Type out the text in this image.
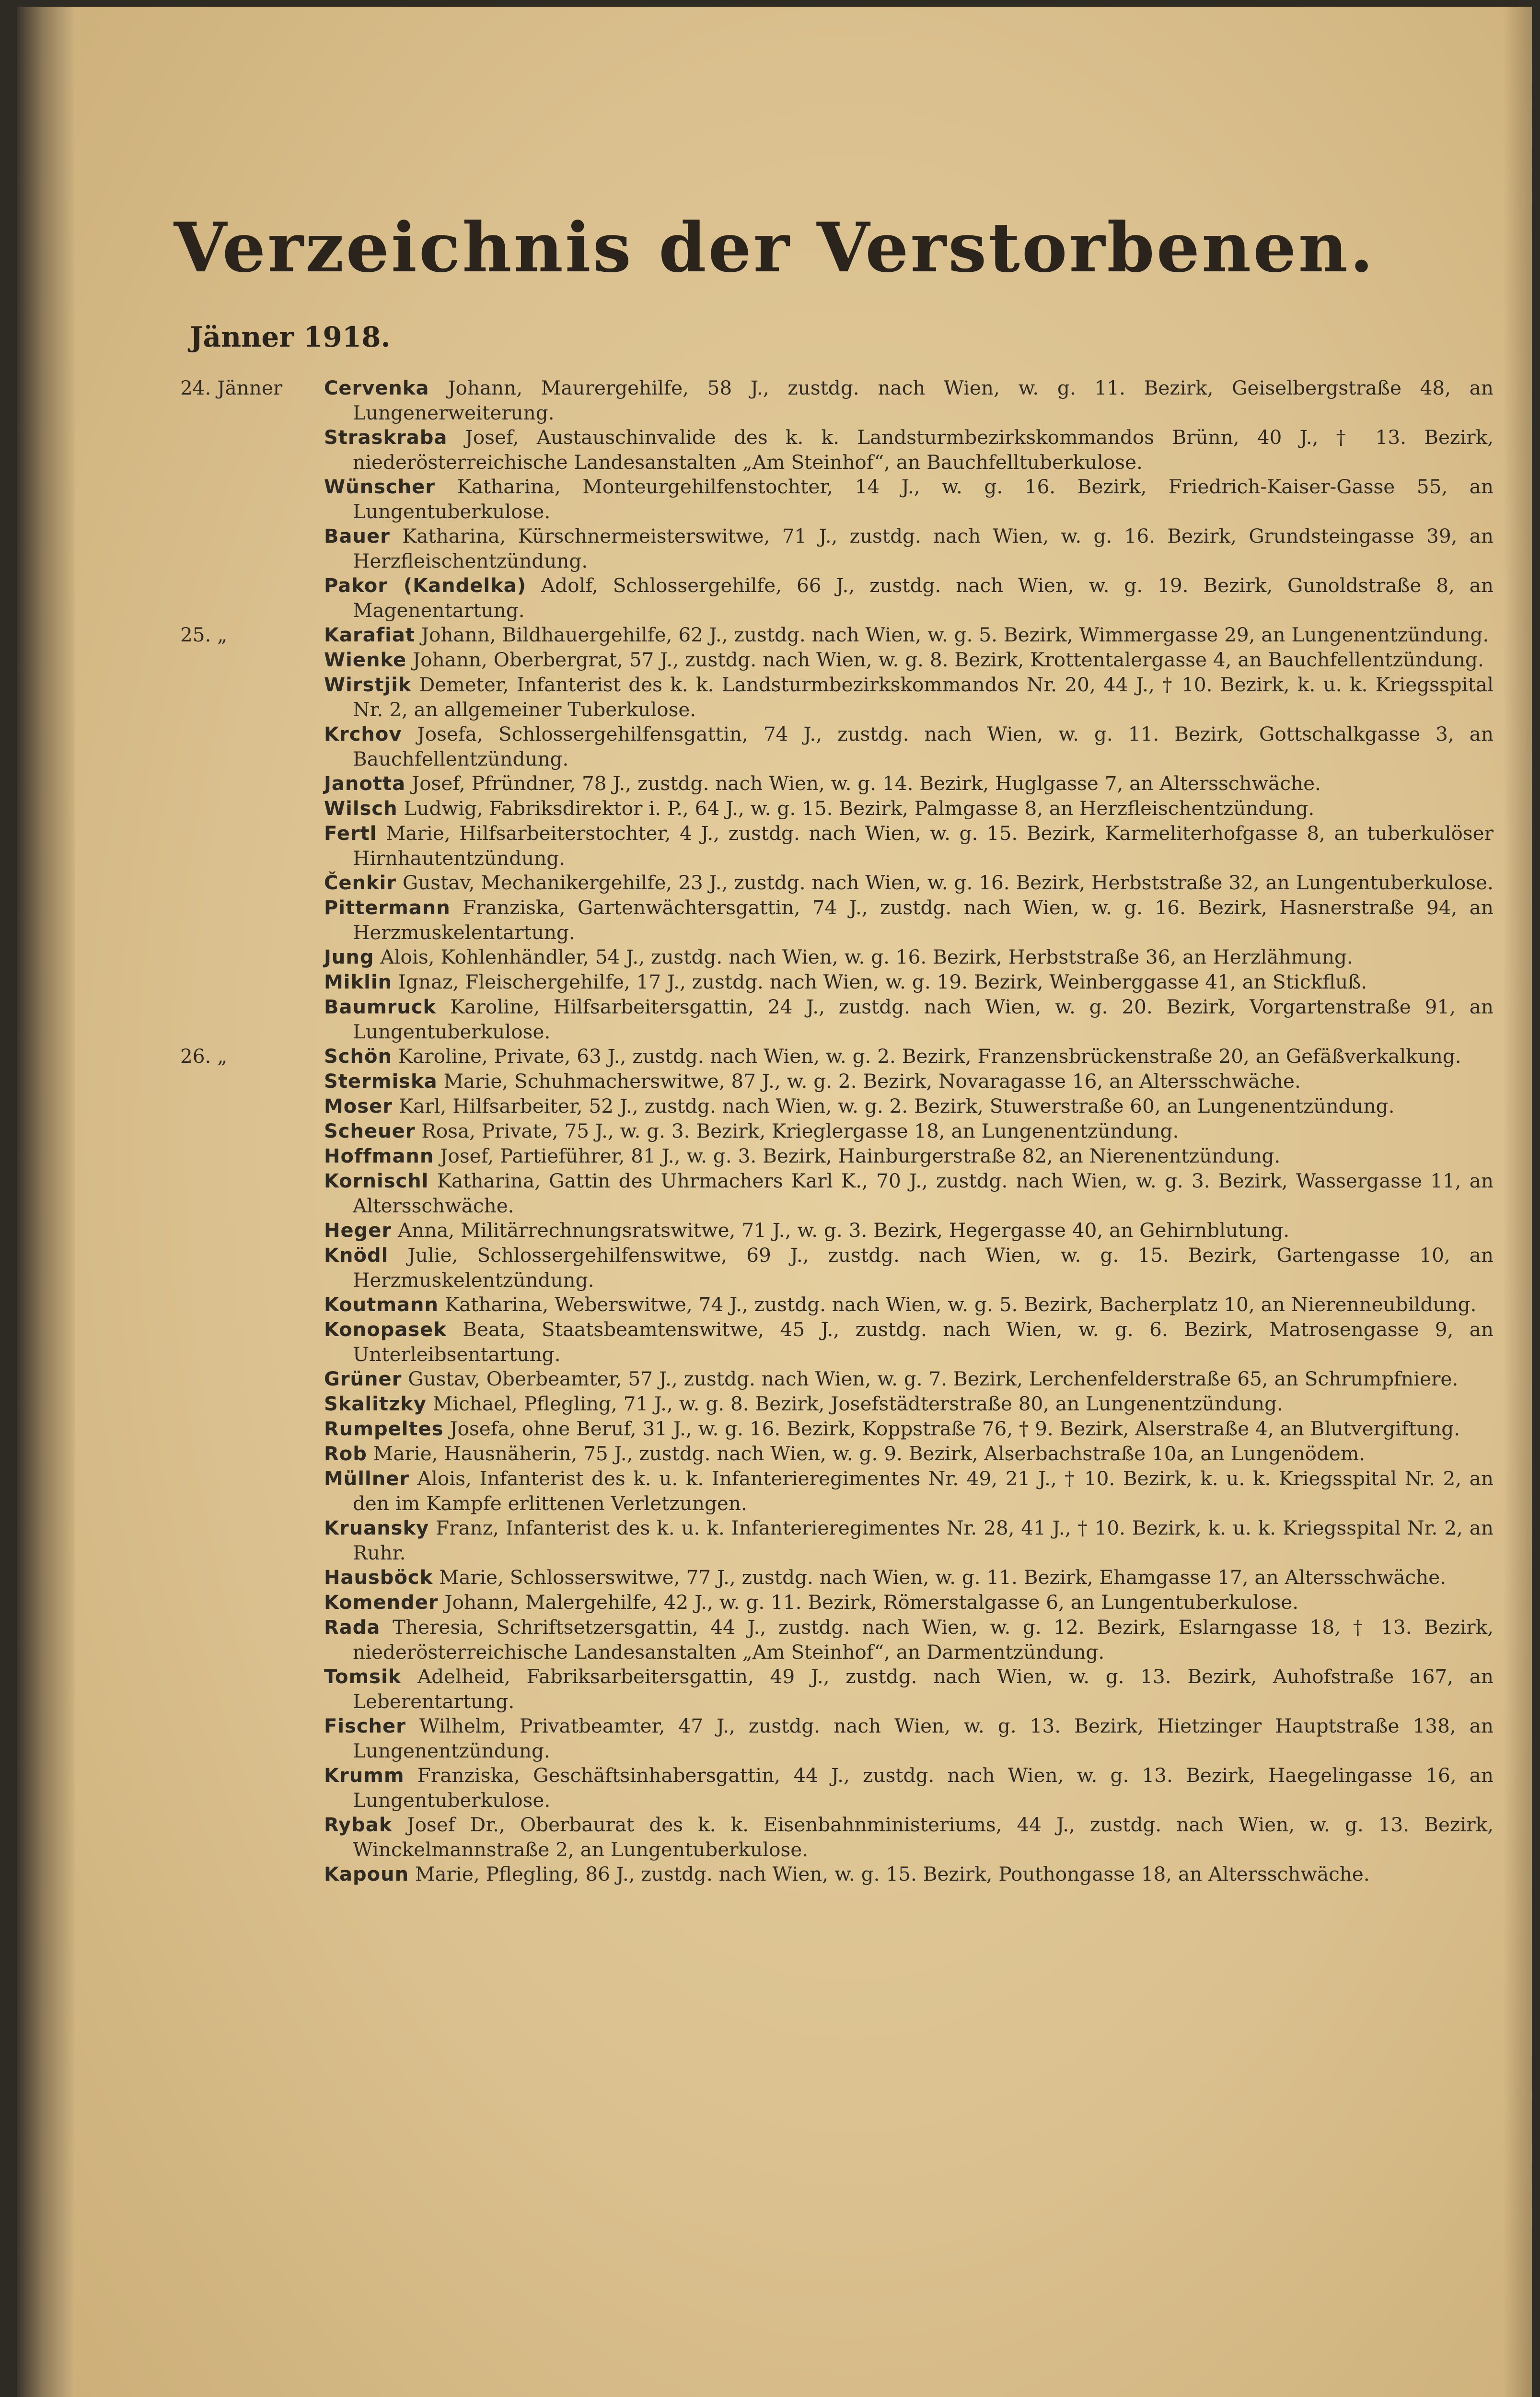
Verzeichnis der Verstorbenen.
Jänner 1918.
24. Jänner	Cervenka Johann, Maurergehilfe, 58 J., zustdg. nach Wien, w. g. 11. Bezirk, Geiselbergstraße 48, an Lungenerweiterung.
Straskraba Josef, Austauschinvalide des k. k. Landsturmbezirkskommandos Brünn, 40 J., † 13. Bezirk, niederösterreichische Landesanstalten „Am Steinhof“, an Bauchfelltuberkulose.
Wünscher Katharina, Monteurgehilfenstochter, 14 J., w. g. 16. Bezirk, Friedrich-Kaiser-Gasse 55, an Lungentuberkulose.
Bauer Katharina, Kürschnermeisterswitwe, 71 J., zustdg. nach Wien, w. g. 16. Bezirk, Grundsteingasse 39, an Herzfleischentzündung.
Pakor (Kandelka) Adolf, Schlossergehilfe, 66 J., zustdg. nach Wien, w. g. 19. Bezirk, Gunoldstraße 8, an Magenentartung.
25. „	Karafiat Johann, Bildhauergehilfe, 62 J., zustdg. nach Wien, w. g. 5. Bezirk, Wimmergasse 29, an Lungenentzündung.
Wienke Johann, Oberbergrat, 57 J., zustdg. nach Wien, w. g. 8. Bezirk, Krottentalergasse 4, an Bauchfellentzündung.
Wirstjik Demeter, Infanterist des k. k. Landsturmbezirkskommandos Nr. 20, 44 J., † 10. Bezirk, k. u. k. Kriegsspital Nr. 2, an allgemeiner Tuberkulose.
Krchov Josefa, Schlossergehilfensgattin, 74 J., zustdg. nach Wien, w. g. 11. Bezirk, Gottschalkgasse 3, an Bauchfellentzündung.
Janotta Josef, Pfründner, 78 J., zustdg. nach Wien, w. g. 14. Bezirk, Huglgasse 7, an Altersschwäche.
Wilsch Ludwig, Fabriksdirektor i. P., 64 J., w. g. 15. Bezirk, Palmgasse 8, an Herzfleischentzündung.
Fertl Marie, Hilfsarbeiterstochter, 4 J., zustdg. nach Wien, w. g. 15. Bezirk, Karmeliterhofgasse 8, an tuberkulöser Hirnhautentzündung.
Čenkir Gustav, Mechanikergehilfe, 23 J., zustdg. nach Wien, w. g. 16. Bezirk, Herbststraße 32, an Lungentuberkulose.
Pittermann Franziska, Gartenwächtersgattin, 74 J., zustdg. nach Wien, w. g. 16. Bezirk, Hasnerstraße 94, an Herzmuskelentartung.
Jung Alois, Kohlenhändler, 54 J., zustdg. nach Wien, w. g. 16. Bezirk, Herbststraße 36, an Herzlähmung.
Miklin Ignaz, Fleischergehilfe, 17 J., zustdg. nach Wien, w. g. 19. Bezirk, Weinberggasse 41, an Stickfluß.
Baumruck Karoline, Hilfsarbeitersgattin, 24 J., zustdg. nach Wien, w. g. 20. Bezirk, Vorgartenstraße 91, an Lungentuberkulose.
26. „	Schön Karoline, Private, 63 J., zustdg. nach Wien, w. g. 2. Bezirk, Franzensbrückenstraße 20, an Gefäßverkalkung.
Stermiska Marie, Schuhmacherswitwe, 87 J., w. g. 2. Bezirk, Novaragasse 16, an Altersschwäche.
Moser Karl, Hilfsarbeiter, 52 J., zustdg. nach Wien, w. g. 2. Bezirk, Stuwerstraße 60, an Lungenentzündung.
Scheuer Rosa, Private, 75 J., w. g. 3. Bezirk, Krieglergasse 18, an Lungenentzündung.
Hoffmann Josef, Partieführer, 81 J., w. g. 3. Bezirk, Hainburgerstraße 82, an Nierenentzündung.
Kornischl Katharina, Gattin des Uhrmachers Karl K., 70 J., zustdg. nach Wien, w. g. 3. Bezirk, Wassergasse 11, an Altersschwäche.
Heger Anna, Militärrechnungsratswitwe, 71 J., w. g. 3. Bezirk, Hegergasse 40, an Gehirnblutung.
Knödl Julie, Schlossergehilfenswitwe, 69 J., zustdg. nach Wien, w. g. 15. Bezirk, Gartengasse 10, an Herzmuskelentzündung.
Koutmann Katharina, Weberswitwe, 74 J., zustdg. nach Wien, w. g. 5. Bezirk, Bacherplatz 10, an Nierenneubildung.
Konopasek Beata, Staatsbeamtenswitwe, 45 J., zustdg. nach Wien, w. g. 6. Bezirk, Matrosengasse 9, an Unterleibsentartung.
Grüner Gustav, Oberbeamter, 57 J., zustdg. nach Wien, w. g. 7. Bezirk, Lerchenfelderstraße 65, an Schrumpfniere.
Skalitzky Michael, Pflegling, 71 J., w. g. 8. Bezirk, Josefstädterstraße 80, an Lungenentzündung.
Rumpeltes Josefa, ohne Beruf, 31 J., w. g. 16. Bezirk, Koppstraße 76, † 9. Bezirk, Alserstraße 4, an Blutvergiftung.
Rob Marie, Hausnäherin, 75 J., zustdg. nach Wien, w. g. 9. Bezirk, Alserbachstraße 10a, an Lungenödem.
Müllner Alois, Infanterist des k. u. k. Infanterieregimentes Nr. 49, 21 J., † 10. Bezirk, k. u. k. Kriegsspital Nr. 2, an den im Kampfe erlittenen Verletzungen.
Kruansky Franz, Infanterist des k. u. k. Infanterieregimentes Nr. 28, 41 J., † 10. Bezirk, k. u. k. Kriegsspital Nr. 2, an Ruhr.
Hausböck Marie, Schlosserswitwe, 77 J., zustdg. nach Wien, w. g. 11. Bezirk, Ehamgasse 17, an Altersschwäche.
Komender Johann, Malergehilfe, 42 J., w. g. 11. Bezirk, Römerstalgasse 6, an Lungentuberkulose.
Rada Theresia, Schriftsetzersgattin, 44 J., zustdg. nach Wien, w. g. 12. Bezirk, Eslarngasse 18, † 13. Bezirk, niederösterreichische Landesanstalten „Am Steinhof“, an Darmentzündung.
Tomsik Adelheid, Fabriksarbeitersgattin, 49 J., zustdg. nach Wien, w. g. 13. Bezirk, Auhofstraße 167, an Leberentartung.
Fischer Wilhelm, Privatbeamter, 47 J., zustdg. nach Wien, w. g. 13. Bezirk, Hietzinger Hauptstraße 138, an Lungenentzündung.
Krumm Franziska, Geschäftsinhabersgattin, 44 J., zustdg. nach Wien, w. g. 13. Bezirk, Haegelingasse 16, an Lungentuberkulose.
Rybak Josef Dr., Oberbaurat des k. k. Eisenbahnministeriums, 44 J., zustdg. nach Wien, w. g. 13. Bezirk, Winckelmannstraße 2, an Lungentuberkulose.
Kapoun Marie, Pflegling, 86 J., zustdg. nach Wien, w. g. 15. Bezirk, Pouthongasse 18, an Altersschwäche.
